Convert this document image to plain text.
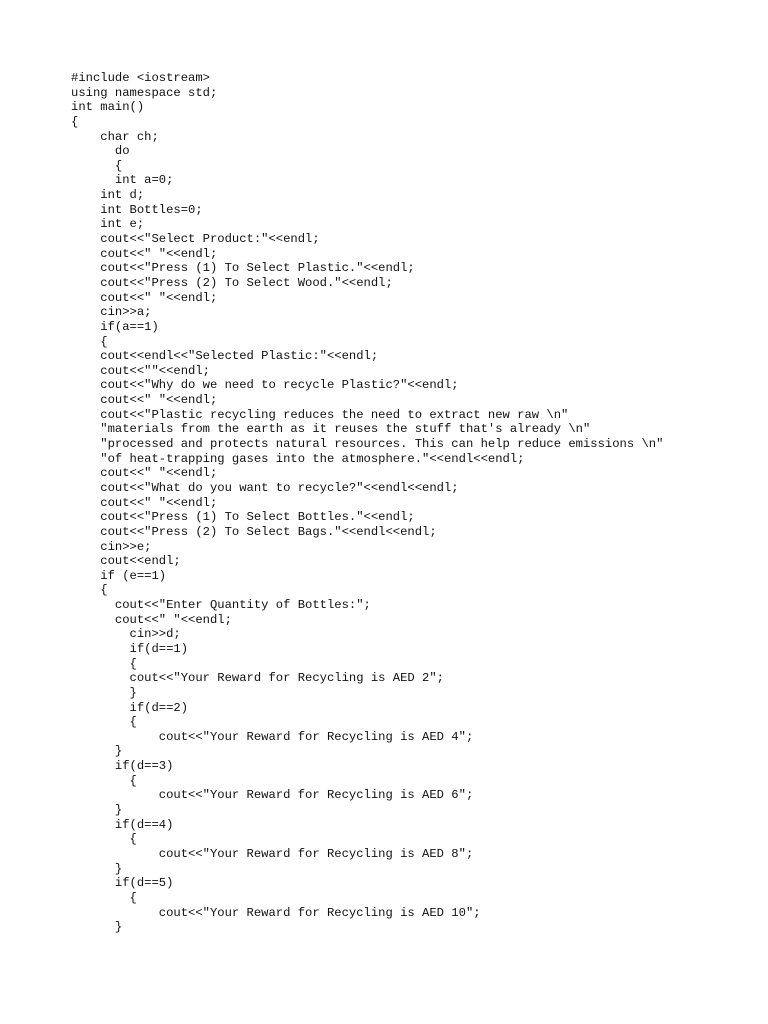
#include <iostream>
using namespace std;
int main()
{
char ch;
do
{
int a=0;
int d;
int Bottles=0;
int e;
cout<<"Select Product:"<<endl;
cout<<" "<<endl;
cout<<"Press (1) To Select Plastic."<<endl;
cout<<"Press (2) To Select Wood."<<endl;
cout<<" "<<endl;
cin>>a;
if(a==1)
{
cout<<endl<<"Selected Plastic:"<<endl;
cout<<""<<endl;
cout<<"Why do we need to recycle Plastic?"<<endl;
cout<<" "<<endl;
cout<<"Plastic recycling reduces the need to extract new raw \n"
"materials from the earth as it reuses the stuff that's already \n"
"processed and protects natural resources. This can help reduce emissions \n"
"of heat-trapping gases into the atmosphere."<<endl<<endl;
cout<<" "<<endl;
cout<<"What do you want to recycle?"<<endl<<endl;
cout<<" "<<endl;
cout<<"Press (1) To Select Bottles."<<endl;
cout<<"Press (2) To Select Bags."<<endl<<endl;
cin>>e;
cout<<endl;
if (e==1)
{
cout<<"Enter Quantity of Bottles:";
cout<<" "<<endl;
cin>>d;
if(d==1)
{
cout<<"Your Reward for Recycling is AED 2";
}
if(d==2)
{
cout<<"Your Reward for Recycling is AED 4";
}
if(d==3)
{
cout<<"Your Reward for Recycling is AED 6";
}
if(d==4)
{
cout<<"Your Reward for Recycling is AED 8";
}
if(d==5)
{
cout<<"Your Reward for Recycling is AED 10";
}
